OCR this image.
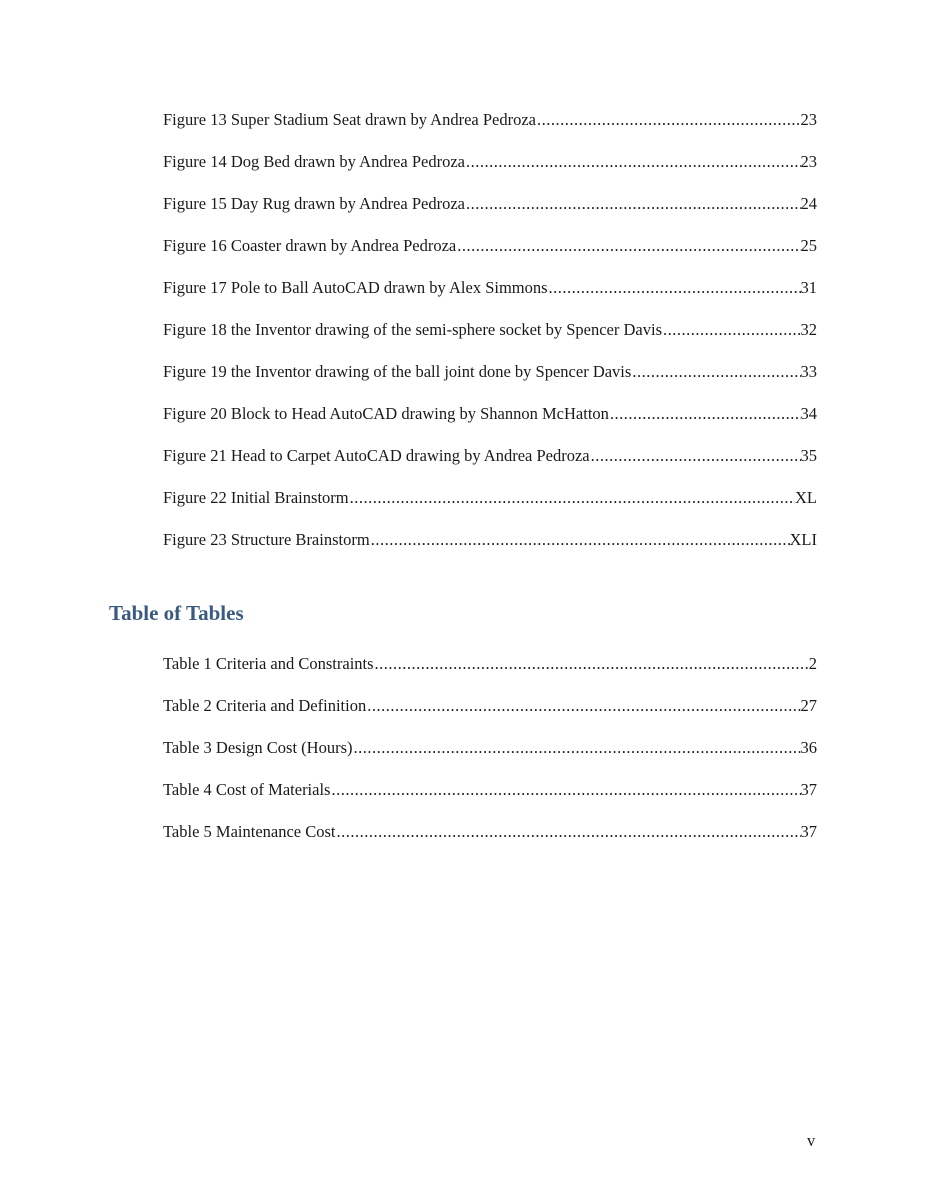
Figure 13 Super Stadium Seat drawn by Andrea Pedroza .....	23
Figure 14 Dog Bed drawn by Andrea Pedroza .....	23
Figure 15 Day Rug drawn by Andrea Pedroza .....	24
Figure 16 Coaster drawn by Andrea Pedroza .....	25
Figure 17 Pole to Ball AutoCAD drawn by Alex Simmons .....	31
Figure 18 the Inventor drawing of the semi-sphere socket by Spencer Davis .....	32
Figure 19 the Inventor drawing of the ball joint done by Spencer Davis .....	33
Figure 20 Block to Head AutoCAD drawing by Shannon McHatton .....	34
Figure 21 Head to Carpet AutoCAD drawing by Andrea Pedroza .....	35
Figure 22 Initial Brainstorm .....	XL
Figure 23 Structure Brainstorm .....	XLI
Table of Tables
Table 1 Criteria and Constraints .....	2
Table 2 Criteria and Definition .....	27
Table 3 Design Cost (Hours) .....	36
Table 4 Cost of Materials .....	37
Table 5 Maintenance Cost .....	37
v
